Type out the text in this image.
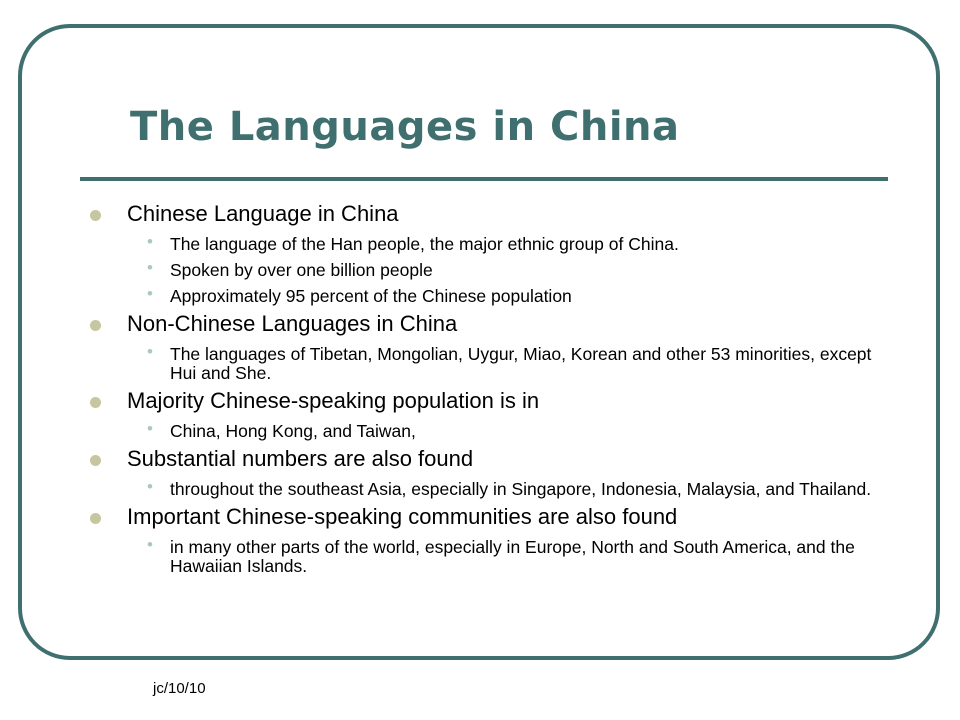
The Languages in China
Chinese Language in China
• The language of the Han people, the major ethnic group of China.
• Spoken by over one billion people
• Approximately 95 percent of the Chinese population
Non-Chinese Languages in China
• The languages of Tibetan, Mongolian, Uygur, Miao, Korean and other 53 minorities, except Hui and She.
Majority Chinese-speaking population is in
• China, Hong Kong, and Taiwan,
Substantial numbers are also found
• throughout the southeast Asia, especially in Singapore, Indonesia, Malaysia, and Thailand.
Important Chinese-speaking communities are also found
• in many other parts of the world, especially in Europe, North and South America, and the Hawaiian Islands.
jc/10/10
